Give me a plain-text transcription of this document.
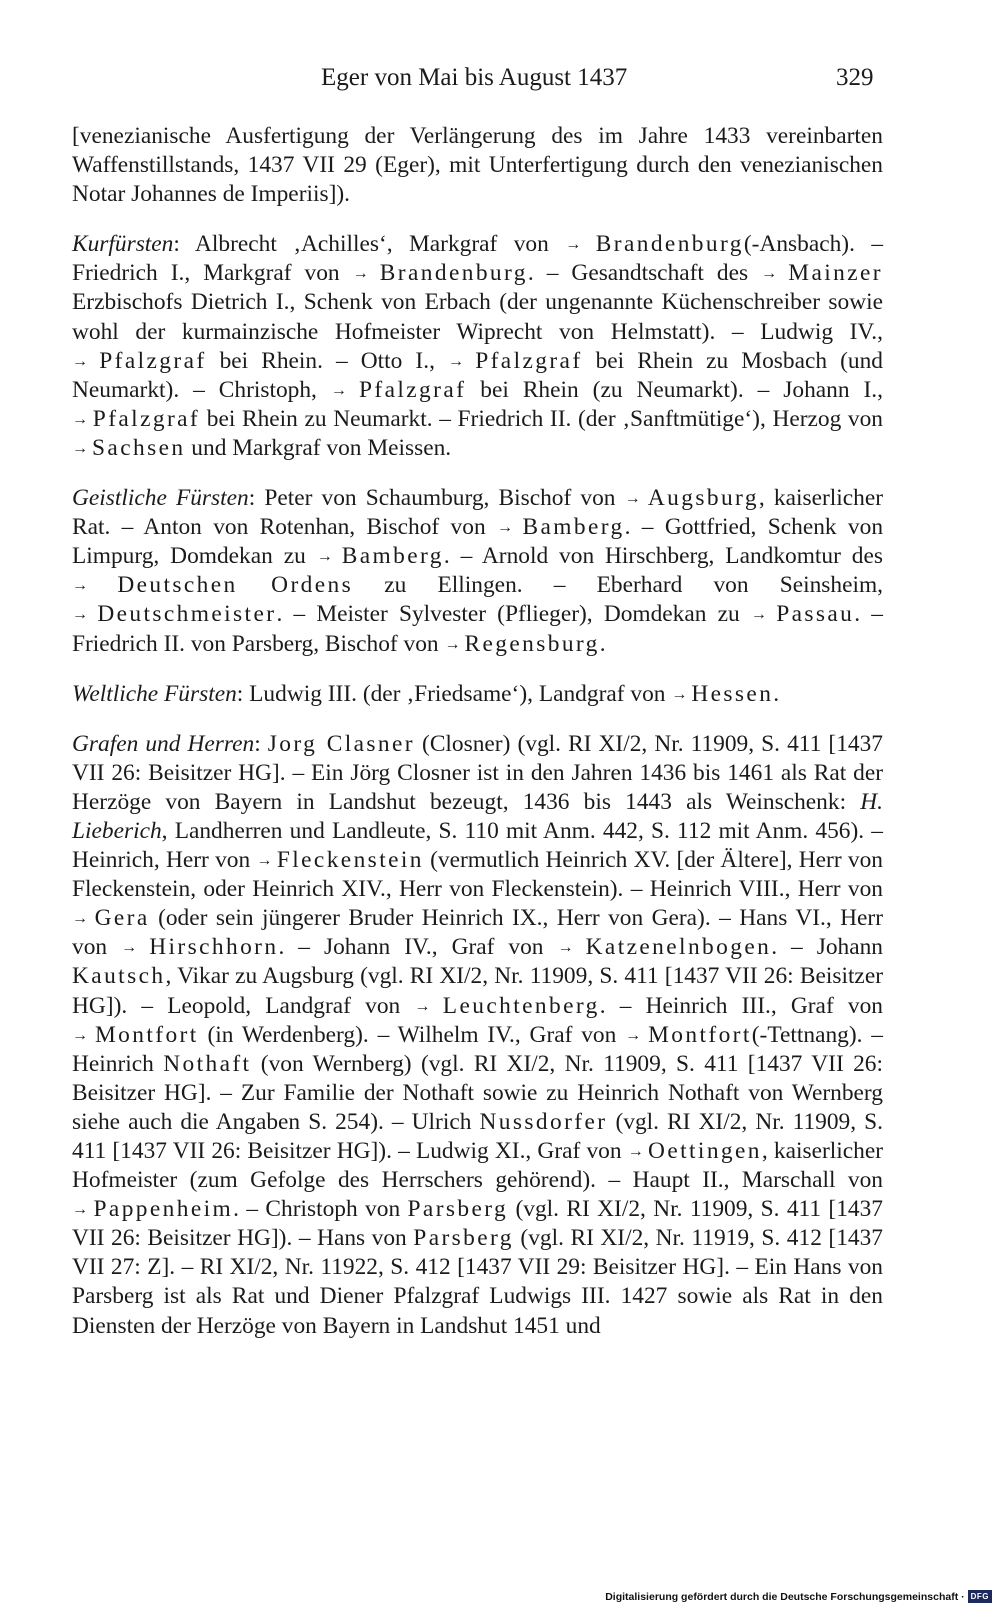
Eger von Mai bis August 1437	329

[venezianische Ausfertigung der Verlängerung des im Jahre 1433 vereinbarten Waffenstillstands, 1437 VII 29 (Eger), mit Unterfertigung durch den venezianischen Notar Johannes de Imperiis]).

Kurfürsten: Albrecht ‚Achilles‘, Markgraf von → Brandenburg(-Ansbach). – Friedrich I., Markgraf von → Brandenburg. – Gesandtschaft des → Mainzer Erzbischofs Dietrich I., Schenk von Erbach (der ungenannte Küchenschreiber sowie wohl der kurmainzische Hofmeister Wiprecht von Helmstatt). – Ludwig IV., → Pfalzgraf bei Rhein. – Otto I., → Pfalzgraf bei Rhein zu Mosbach (und Neumarkt). – Christoph, → Pfalzgraf bei Rhein (zu Neumarkt). – Johann I., → Pfalzgraf bei Rhein zu Neumarkt. – Friedrich II. (der ‚Sanftmütige‘), Herzog von → Sachsen und Markgraf von Meissen.

Geistliche Fürsten: Peter von Schaumburg, Bischof von → Augsburg, kaiserlicher Rat. – Anton von Rotenhan, Bischof von → Bamberg. – Gottfried, Schenk von Limpurg, Domdekan zu → Bamberg. – Arnold von Hirschberg, Landkomtur des → Deutschen Ordens zu Ellingen. – Eberhard von Seinsheim, → Deutschmeister. – Meister Sylvester (Pflieger), Domdekan zu → Passau. – Friedrich II. von Parsberg, Bischof von → Regensburg.

Weltliche Fürsten: Ludwig III. (der ‚Friedsame‘), Landgraf von → Hessen.

Grafen und Herren: Jorg Clasner (Closner) (vgl. RI XI/2, Nr. 11909, S. 411 [1437 VII 26: Beisitzer HG]. – Ein Jörg Closner ist in den Jahren 1436 bis 1461 als Rat der Herzöge von Bayern in Landshut bezeugt, 1436 bis 1443 als Weinschenk: H. Lieberich, Landherren und Landleute, S. 110 mit Anm. 442, S. 112 mit Anm. 456). – Heinrich, Herr von → Fleckenstein (vermutlich Heinrich XV. [der Ältere], Herr von Fleckenstein, oder Heinrich XIV., Herr von Fleckenstein). – Heinrich VIII., Herr von → Gera (oder sein jüngerer Bruder Heinrich IX., Herr von Gera). – Hans VI., Herr von → Hirschhorn. – Johann IV., Graf von → Katzenelnbogen. – Johann Kautsch, Vikar zu Augsburg (vgl. RI XI/2, Nr. 11909, S. 411 [1437 VII 26: Beisitzer HG]). – Leopold, Landgraf von → Leuchtenberg. – Heinrich III., Graf von → Montfort (in Werdenberg). – Wilhelm IV., Graf von → Montfort(-Tettnang). – Heinrich Nothaft (von Wernberg) (vgl. RI XI/2, Nr. 11909, S. 411 [1437 VII 26: Beisitzer HG]. – Zur Familie der Nothaft sowie zu Heinrich Nothaft von Wernberg siehe auch die Angaben S. 254). – Ulrich Nussdorfer (vgl. RI XI/2, Nr. 11909, S. 411 [1437 VII 26: Beisitzer HG]). – Ludwig XI., Graf von → Oettingen, kaiserlicher Hofmeister (zum Gefolge des Herrschers gehörend). – Haupt II., Marschall von → Pappenheim. – Christoph von Parsberg (vgl. RI XI/2, Nr. 11909, S. 411 [1437 VII 26: Beisitzer HG]). – Hans von Parsberg (vgl. RI XI/2, Nr. 11919, S. 412 [1437 VII 27: Z]. – RI XI/2, Nr. 11922, S. 412 [1437 VII 29: Beisitzer HG]. – Ein Hans von Parsberg ist als Rat und Diener Pfalzgraf Ludwigs III. 1427 sowie als Rat in den Diensten der Herzöge von Bayern in Landshut 1451 und

Digitalisierung gefördert durch die Deutsche Forschungsgemeinschaft · DFG
